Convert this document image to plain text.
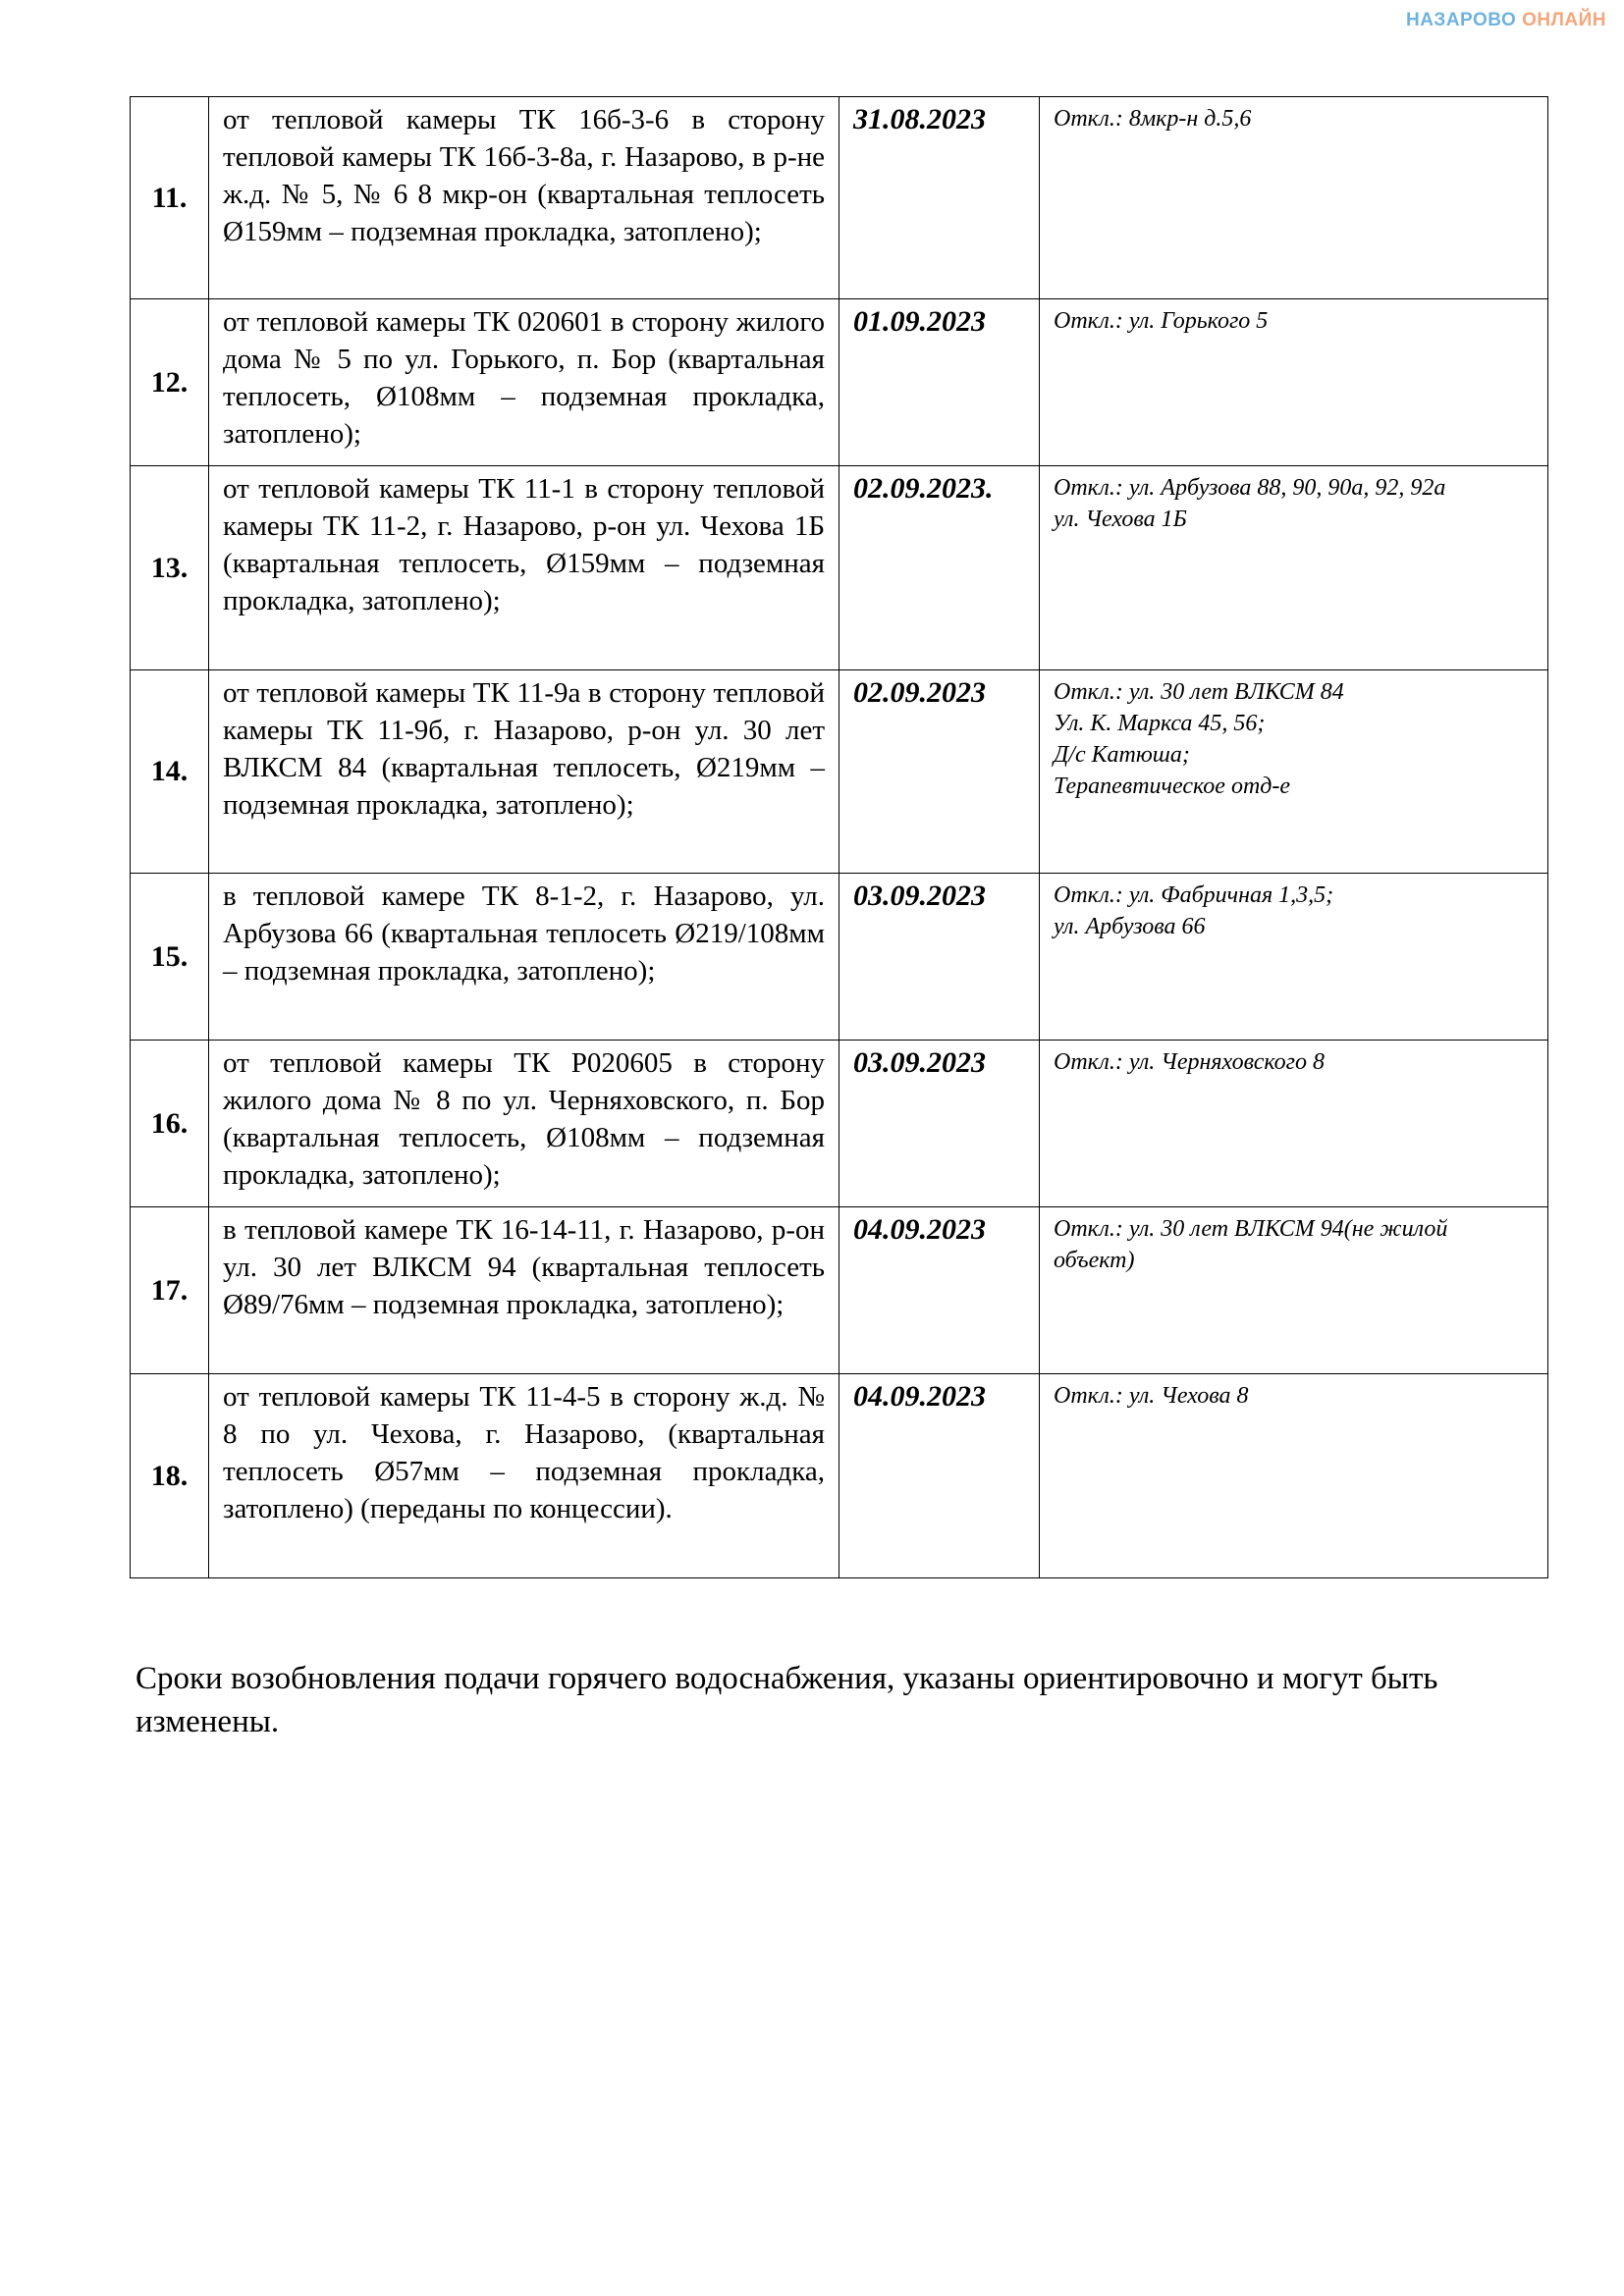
НАЗАРОВО ОНЛАЙН
11.	от тепловой камеры ТК 16б-3-6 в сторону тепловой камеры ТК 16б-3-8а, г. Назарово, в р-не ж.д. № 5, № 6 8 мкр-он (квартальная теплосеть Ø159мм – подземная прокладка, затоплено);	31.08.2023	Откл.: 8мкр-н д.5,6

12.	от тепловой камеры ТК 020601 в сторону жилого дома № 5 по ул. Горького, п. Бор (квартальная теплосеть, Ø108мм – подземная прокладка, затоплено);	01.09.2023	Откл.: ул. Горького 5

13.	от тепловой камеры ТК 11-1 в сторону тепловой камеры ТК 11-2, г. Назарово, р-он ул. Чехова 1Б (квартальная теплосеть, Ø159мм – подземная прокладка, затоплено);	02.09.2023.	Откл.: ул. Арбузова 88, 90, 90а, 92, 92а
ул. Чехова 1Б

14.	от тепловой камеры ТК 11-9а в сторону тепловой камеры ТК 11-9б, г. Назарово, р-он ул. 30 лет ВЛКСМ 84 (квартальная теплосеть, Ø219мм – подземная прокладка, затоплено);	02.09.2023	Откл.: ул. 30 лет ВЛКСМ 84
Ул. К. Маркса 45, 56;
Д/с Катюша;
Терапевтическое отд-е

15.	в тепловой камере ТК 8-1-2, г. Назарово, ул. Арбузова 66 (квартальная теплосеть Ø219/108мм – подземная прокладка, затоплено);	03.09.2023	Откл.: ул. Фабричная 1,3,5;
ул. Арбузова 66

16.	от тепловой камеры ТК Р020605 в сторону жилого дома № 8 по ул. Черняховского, п. Бор (квартальная теплосеть, Ø108мм – подземная прокладка, затоплено);	03.09.2023	Откл.: ул. Черняховского 8

17.	в тепловой камере ТК 16-14-11, г. Назарово, р-он ул. 30 лет ВЛКСМ 94 (квартальная теплосеть Ø89/76мм – подземная прокладка, затоплено);	04.09.2023	Откл.: ул. 30 лет ВЛКСМ 94(не жилой объект)

18.	от тепловой камеры ТК 11-4-5 в сторону ж.д. № 8 по ул. Чехова, г. Назарово, (квартальная теплосеть Ø57мм – подземная прокладка, затоплено) (переданы по концессии).	04.09.2023	Откл.: ул. Чехова 8
Сроки возобновления подачи горячего водоснабжения, указаны ориентировочно и могут быть изменены.
